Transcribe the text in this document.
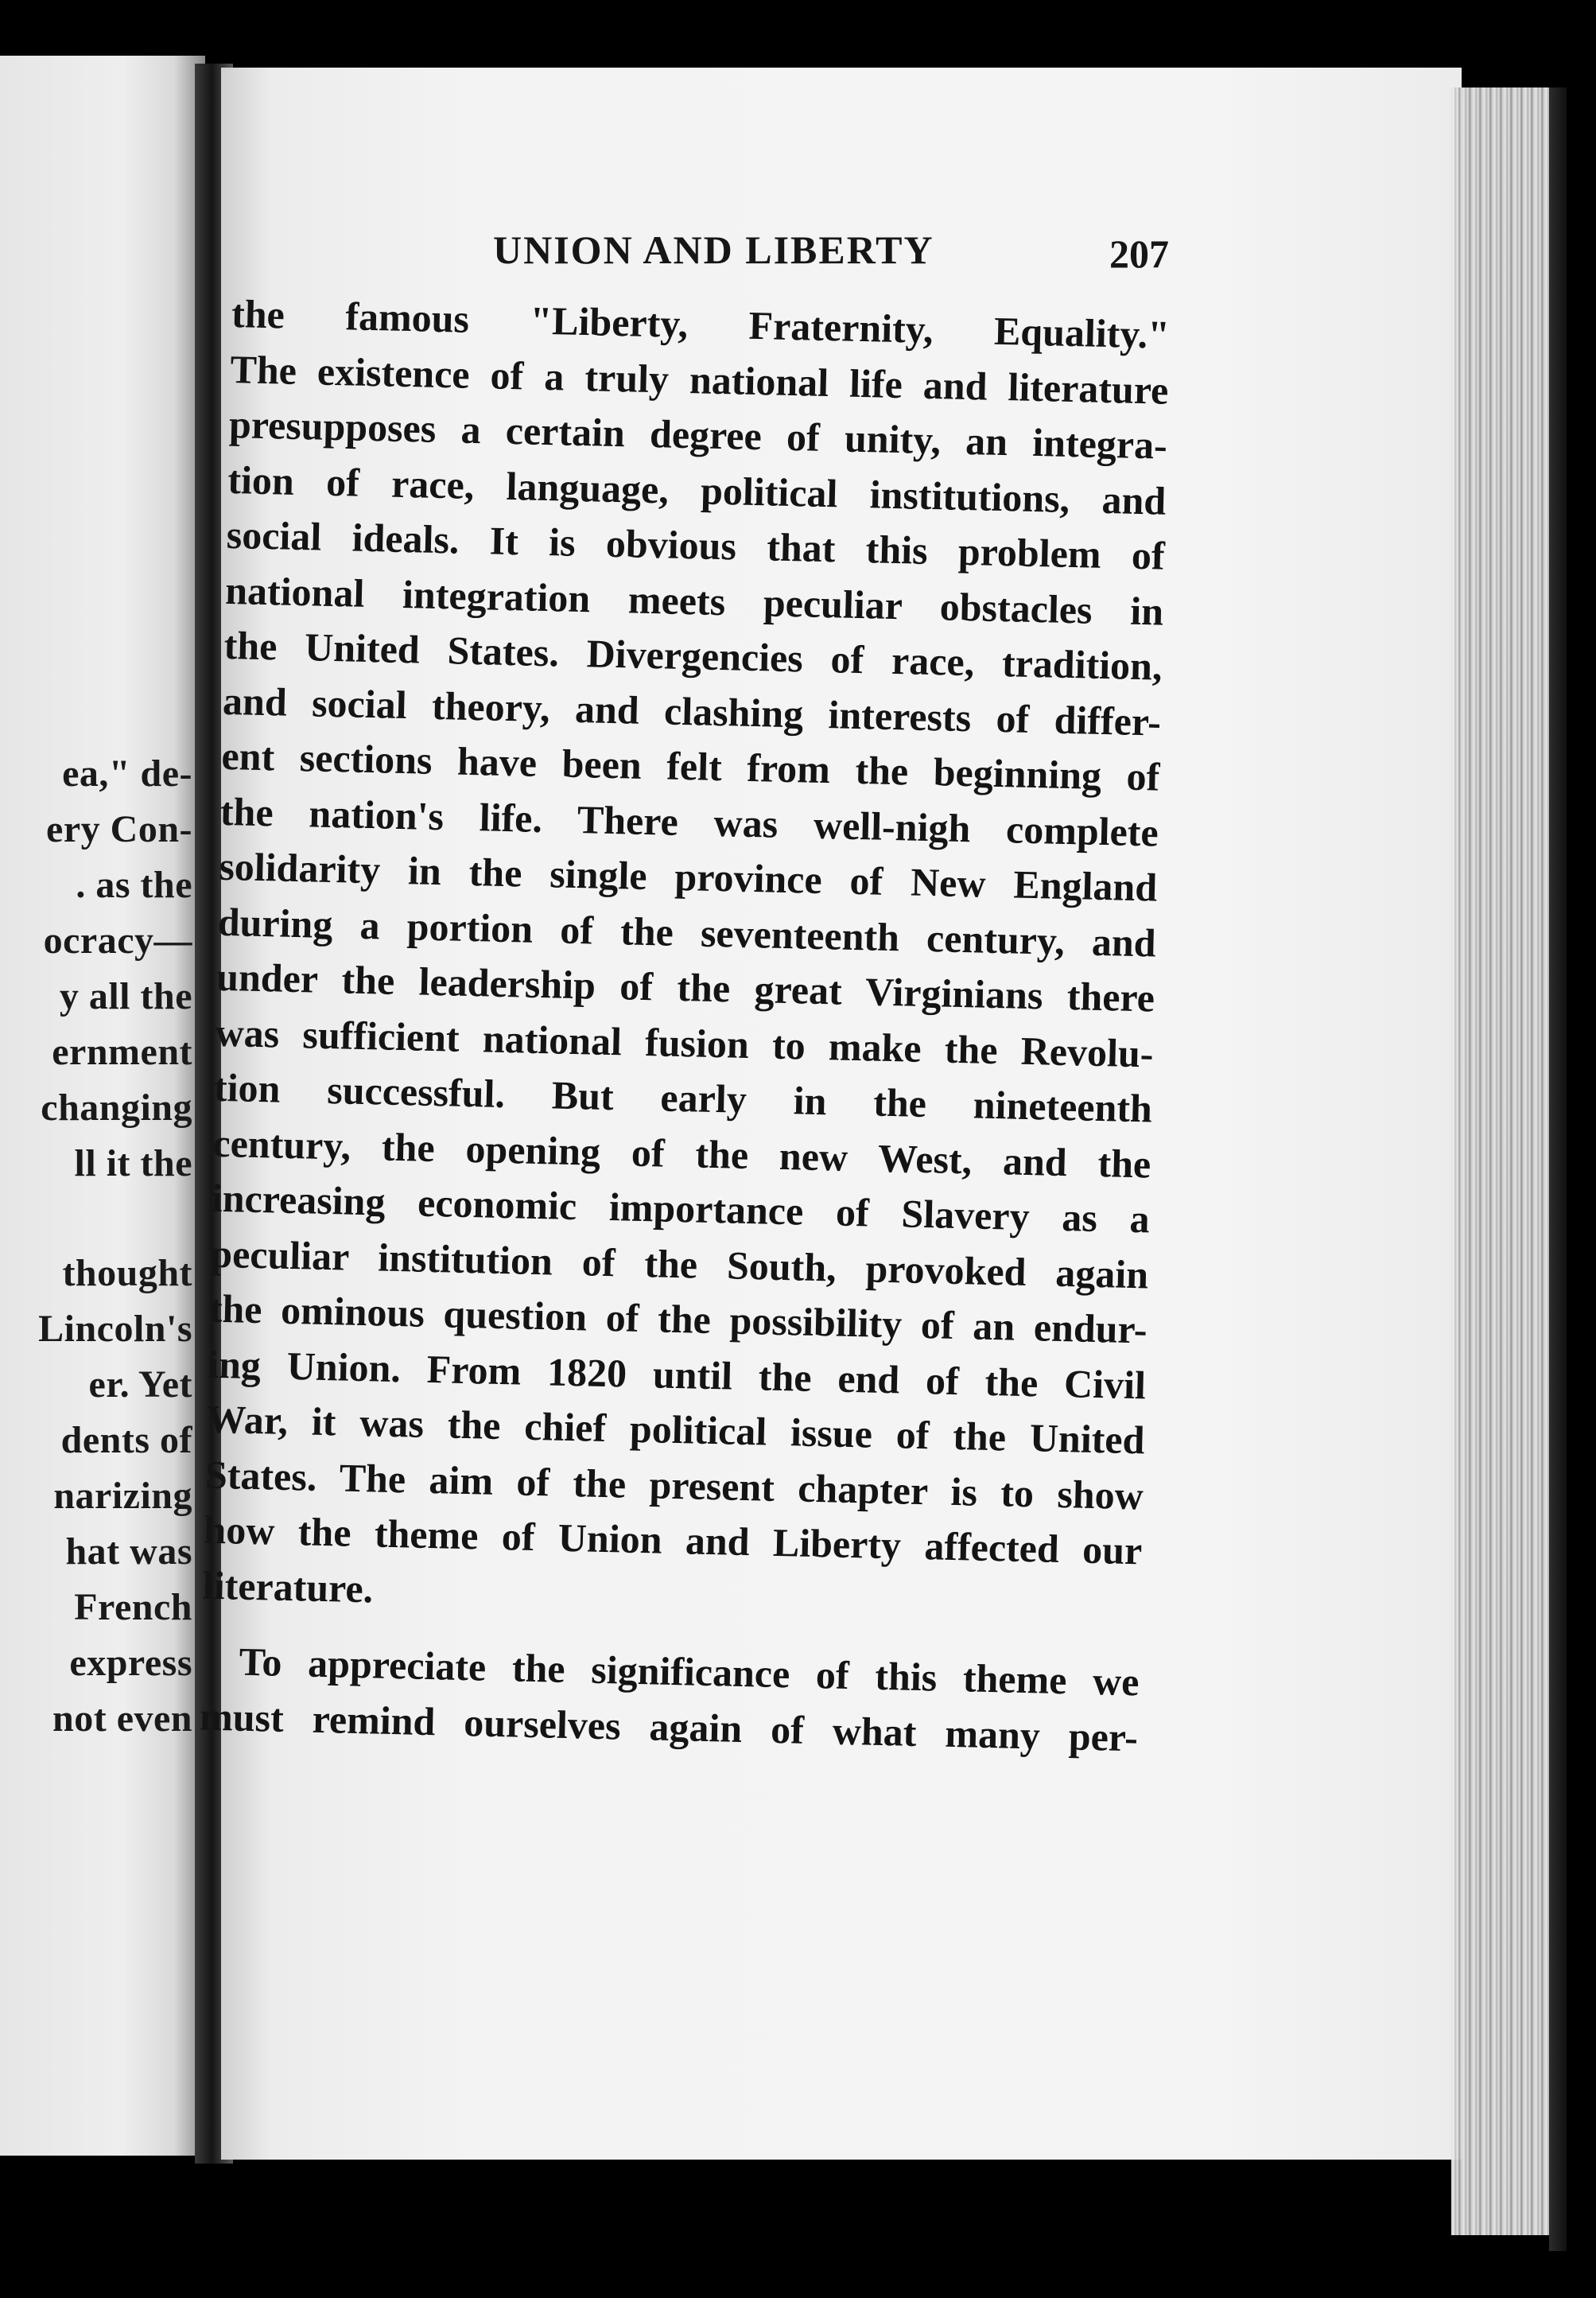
ea," de-
ery Con-
. as the
ocracy—
y all the
ernment
changing
ll it the
thought
Lincoln's
er. Yet
dents of
narizing
hat was
French
express
not even
UNION AND LIBERTY	207
the famous "Liberty, Fraternity, Equality."
The existence of a truly national life and literature
presupposes a certain degree of unity, an integra-
tion of race, language, political institutions, and
social ideals. It is obvious that this problem of
national integration meets peculiar obstacles in
the United States. Divergencies of race, tradition,
and social theory, and clashing interests of differ-
ent sections have been felt from the beginning of
the nation's life. There was well-nigh complete
solidarity in the single province of New England
during a portion of the seventeenth century, and
under the leadership of the great Virginians there
was sufficient national fusion to make the Revolu-
tion successful. But early in the nineteenth
century, the opening of the new West, and the
increasing economic importance of Slavery as a
peculiar institution of the South, provoked again
the ominous question of the possibility of an endur-
ing Union. From 1820 until the end of the Civil
War, it was the chief political issue of the United
States. The aim of the present chapter is to show
how the theme of Union and Liberty affected our
literature.
To appreciate the significance of this theme we
must remind ourselves again of what many per-
